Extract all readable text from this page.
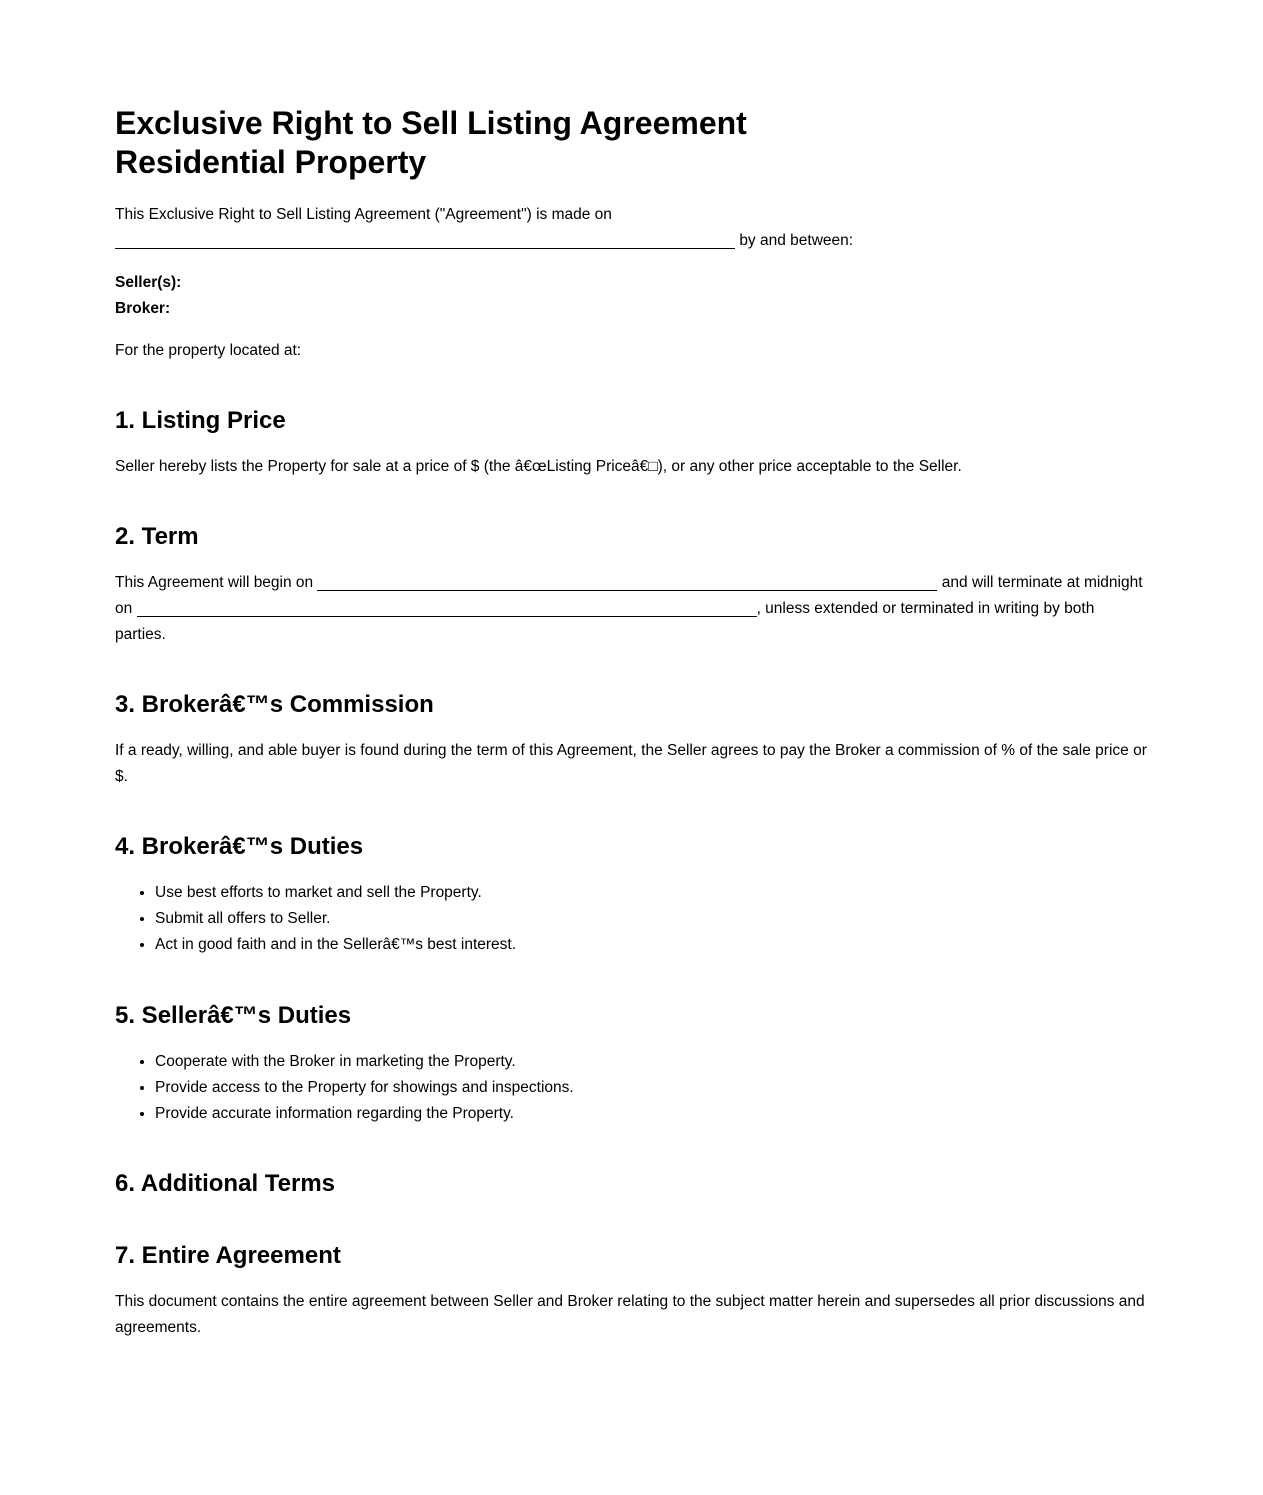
Exclusive Right to Sell Listing Agreement
Residential Property

This Exclusive Right to Sell Listing Agreement ("Agreement") is made on  by and between:

Seller(s):

Broker:

For the property located at:

1. Listing Price

Seller hereby lists the Property for sale at a price of $ (the â€œListing Priceâ€□), or any other price acceptable to the Seller.

2. Term

This Agreement will begin on	and will terminate at midnight on	, unless extended or terminated in writing by both parties.

3. Brokerâ€™s Commission

If a ready, willing, and able buyer is found during the term of this Agreement, the Seller agrees to pay the Broker a commission of % of the sale price or $.

4. Brokerâ€™s Duties
• Use best efforts to market and sell the Property.
• Submit all offers to Seller.
• Act in good faith and in the Sellerâ€™s best interest.
5. Sellerâ€™s Duties
• Cooperate with the Broker in marketing the Property.
• Provide access to the Property for showings and inspections.
• Provide accurate information regarding the Property.
6. Additional Terms
7. Entire Agreement

This document contains the entire agreement between Seller and Broker relating to the subject matter herein and supersedes all prior discussions and agreements.
